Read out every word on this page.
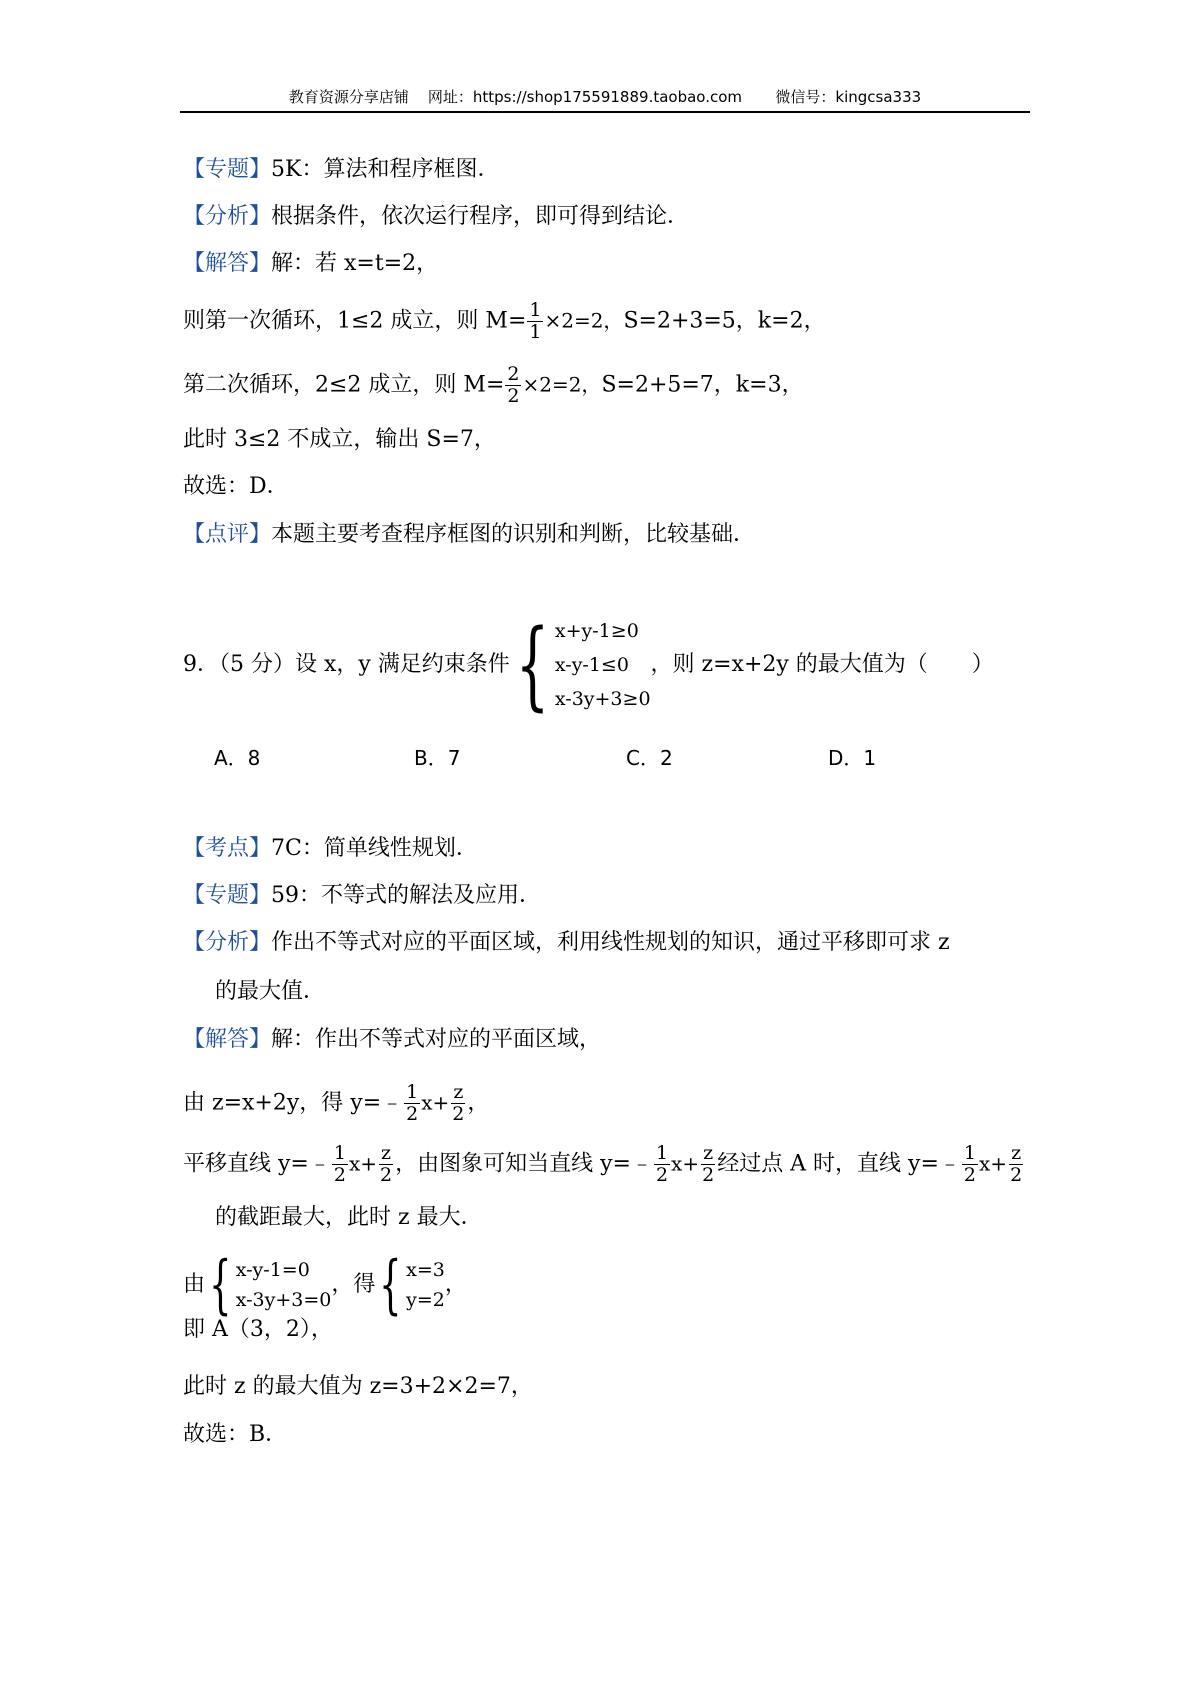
教育资源分享店铺    网址：https://shop175591889.taobao.com       微信号：kingcsa333
【专题】5K：算法和程序框图．
【分析】根据条件，依次运行程序，即可得到结论．
【解答】解：若 x=t=2，
则第一次循环，1≤2 成立，则 $M= \frac{1}{1} \times 2=2$，S=2+3=5，k=2，
第二次循环，2≤2 成立，则 $M= \frac{2}{2} \times 2=2$，S=2+5=7，k=3，
此时 3≤2 不成立，输出 S=7，
故选：D．
【点评】本题主要考查程序框图的识别和判断，比较基础．
9．（5 分）设 x，y 满足约束条件 { x+y-1≥0
x-y-1≤0
x-3y+3≥0
，则 z=x+2y 的最大值为（　　）
A．8	B．7	C．2	D．1
【考点】7C：简单线性规划．
【专题】59：不等式的解法及应用．
【分析】作出不等式对应的平面区域，利用线性规划的知识，通过平移即可求 z
的最大值．
【解答】解：作出不等式对应的平面区域，
由 z=x+2y，得 y=﹣ $\frac{1}{2} x+ \frac{z}{2}$ ，
平移直线 y=﹣ $\frac{1}{2} x+ \frac{z}{2}$ ，由图象可知当直线 y=﹣ $\frac{1}{2} x+ \frac{z}{2}$ 经过点 A 时，直线 y=﹣ $\frac{1}{2} x+ \frac{z}{2}$
的截距最大，此时 z 最大．
由 { x-y-1=0
x-3y+3=0
，得 { x=3
y=2
，
即 A（3，2），
此时 z 的最大值为 z=3+2×2=7，
故选：B．
